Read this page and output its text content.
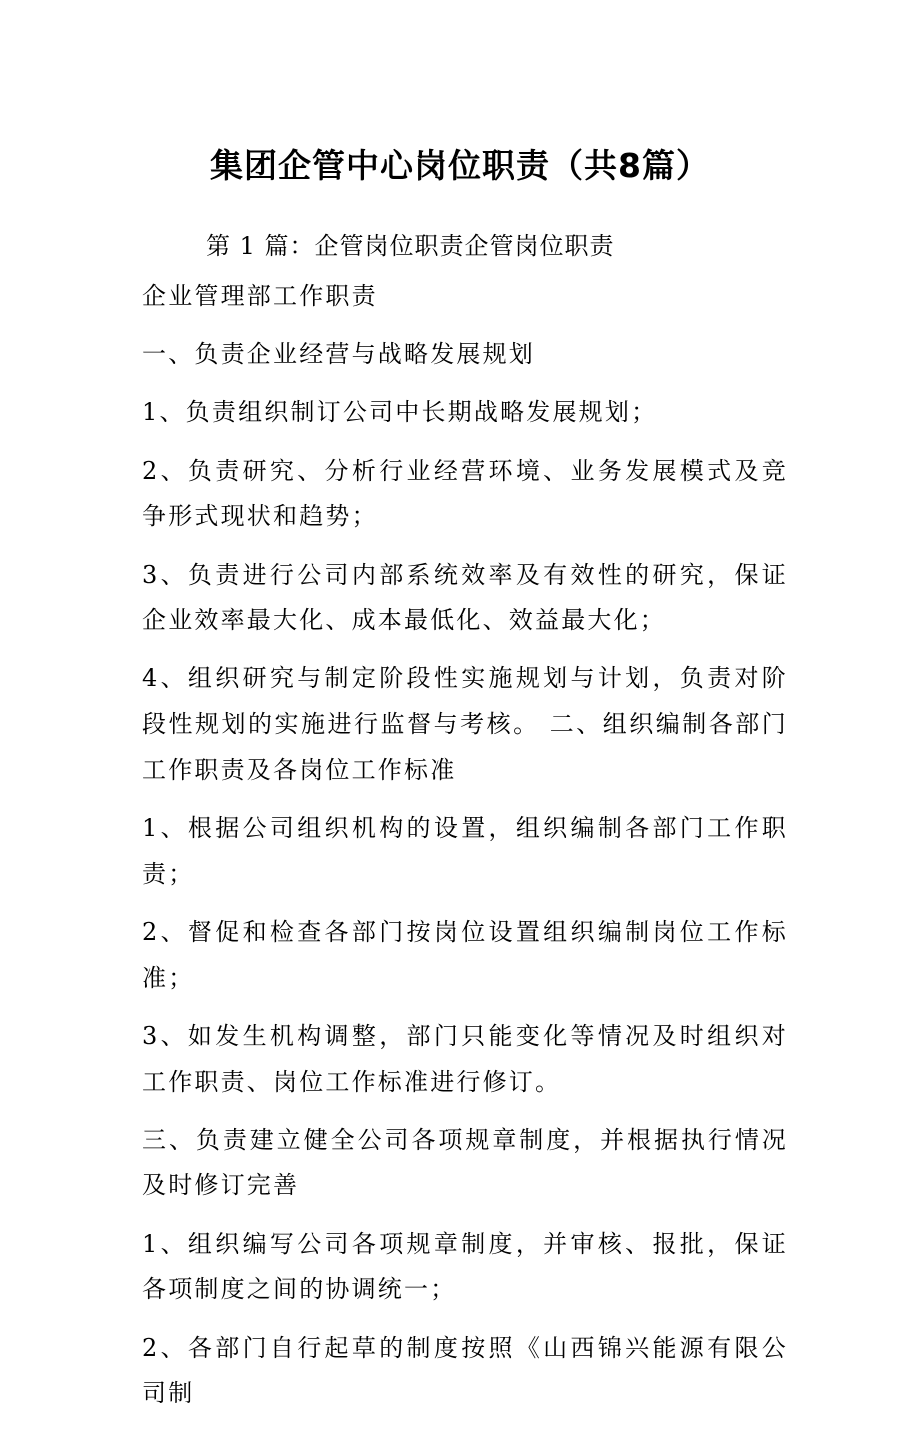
集团企管中心岗位职责（共8篇）
第 1 篇：企管岗位职责企管岗位职责

企业管理部工作职责

一、负责企业经营与战略发展规划

1、负责组织制订公司中长期战略发展规划；

2、负责研究、分析行业经营环境、业务发展模式及竞争形式现状和趋势；

3、负责进行公司内部系统效率及有效性的研究，保证企业效率最大化、成本最低化、效益最大化；

4、组织研究与制定阶段性实施规划与计划，负责对阶段性规划的实施进行监督与考核。 二、组织编制各部门工作职责及各岗位工作标准

1、根据公司组织机构的设置，组织编制各部门工作职责；

2、督促和检查各部门按岗位设置组织编制岗位工作标准；

3、如发生机构调整，部门只能变化等情况及时组织对工作职责、岗位工作标准进行修订。

三、负责建立健全公司各项规章制度，并根据执行情况及时修订完善

1、组织编写公司各项规章制度，并审核、报批，保证各项制度之间的协调统一；

2、各部门自行起草的制度按照《山西锦兴能源有限公司制
